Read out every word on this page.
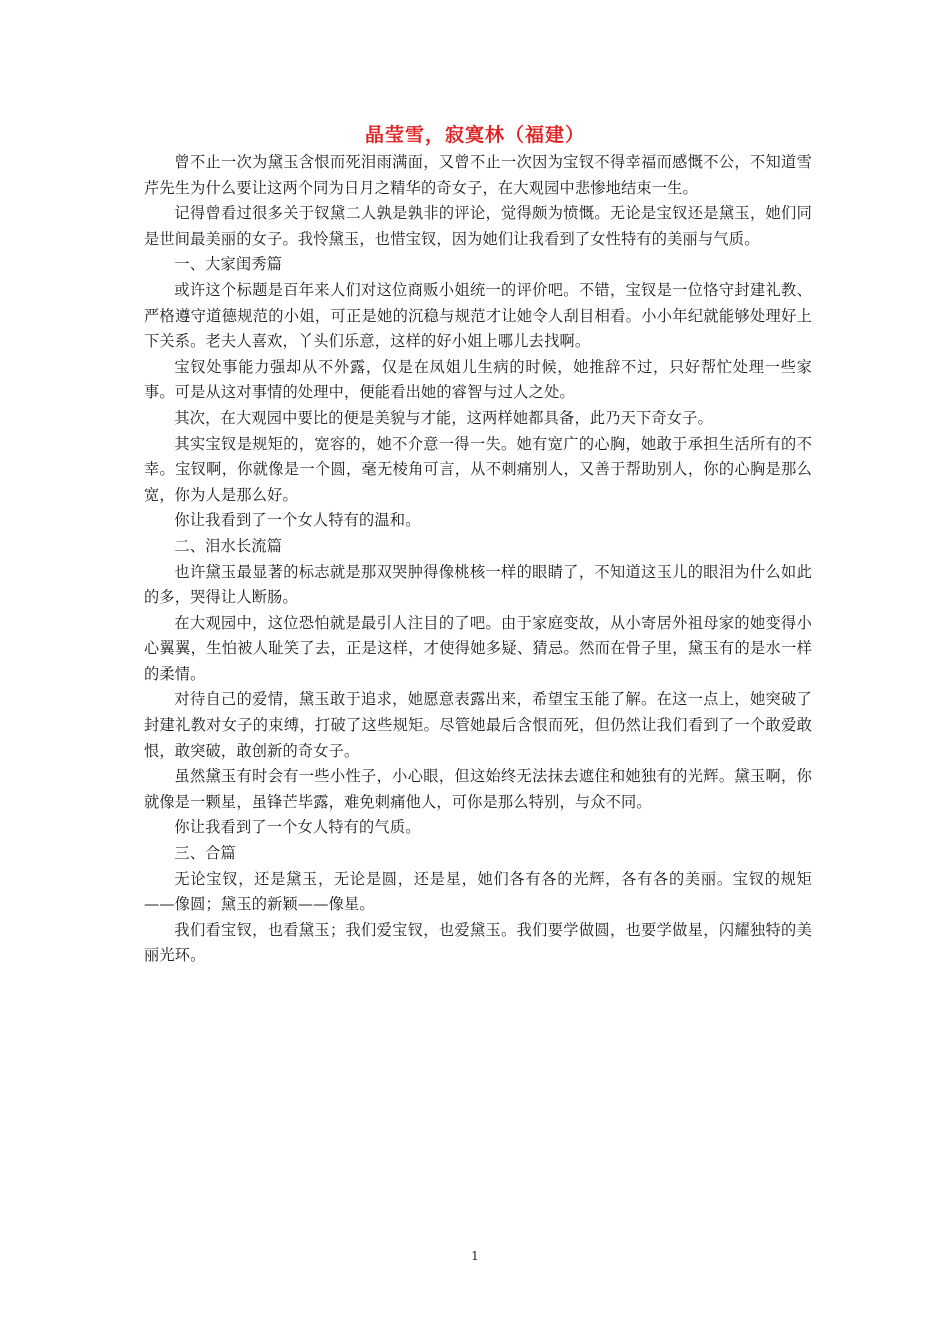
晶莹雪，寂寞林（福建）

曾不止一次为黛玉含恨而死泪雨满面，又曾不止一次因为宝钗不得幸福而感慨不公，不知道雪芹先生为什么要让这两个同为日月之精华的奇女子，在大观园中悲惨地结束一生。

记得曾看过很多关于钗黛二人孰是孰非的评论，觉得颇为愤慨。无论是宝钗还是黛玉，她们同是世间最美丽的女子。我怜黛玉，也惜宝钗，因为她们让我看到了女性特有的美丽与气质。

一、大家闺秀篇

或许这个标题是百年来人们对这位商贩小姐统一的评价吧。不错，宝钗是一位恪守封建礼教、严格遵守道德规范的小姐，可正是她的沉稳与规范才让她令人刮目相看。小小年纪就能够处理好上下关系。老夫人喜欢，丫头们乐意，这样的好小姐上哪儿去找啊。

宝钗处事能力强却从不外露，仅是在凤姐儿生病的时候，她推辞不过，只好帮忙处理一些家事。可是从这对事情的处理中，便能看出她的睿智与过人之处。

其次，在大观园中要比的便是美貌与才能，这两样她都具备，此乃天下奇女子。

其实宝钗是规矩的，宽容的，她不介意一得一失。她有宽广的心胸，她敢于承担生活所有的不幸。宝钗啊，你就像是一个圆，毫无棱角可言，从不刺痛别人，又善于帮助别人，你的心胸是那么宽，你为人是那么好。

你让我看到了一个女人特有的温和。

二、泪水长流篇

也许黛玉最显著的标志就是那双哭肿得像桃核一样的眼睛了，不知道这玉儿的眼泪为什么如此的多，哭得让人断肠。

在大观园中，这位恐怕就是最引人注目的了吧。由于家庭变故，从小寄居外祖母家的她变得小心翼翼，生怕被人耻笑了去，正是这样，才使得她多疑、猜忌。然而在骨子里，黛玉有的是水一样的柔情。

对待自己的爱情，黛玉敢于追求，她愿意表露出来，希望宝玉能了解。在这一点上，她突破了封建礼教对女子的束缚，打破了这些规矩。尽管她最后含恨而死，但仍然让我们看到了一个敢爱敢恨，敢突破，敢创新的奇女子。

虽然黛玉有时会有一些小性子，小心眼，但这始终无法抹去遮住和她独有的光辉。黛玉啊，你就像是一颗星，虽锋芒毕露，难免刺痛他人，可你是那么特别，与众不同。

你让我看到了一个女人特有的气质。

三、合篇

无论宝钗，还是黛玉，无论是圆，还是星，她们各有各的光辉，各有各的美丽。宝钗的规矩——像圆；黛玉的新颖——像星。

我们看宝钗，也看黛玉；我们爱宝钗，也爱黛玉。我们要学做圆，也要学做星，闪耀独特的美丽光环。

1
